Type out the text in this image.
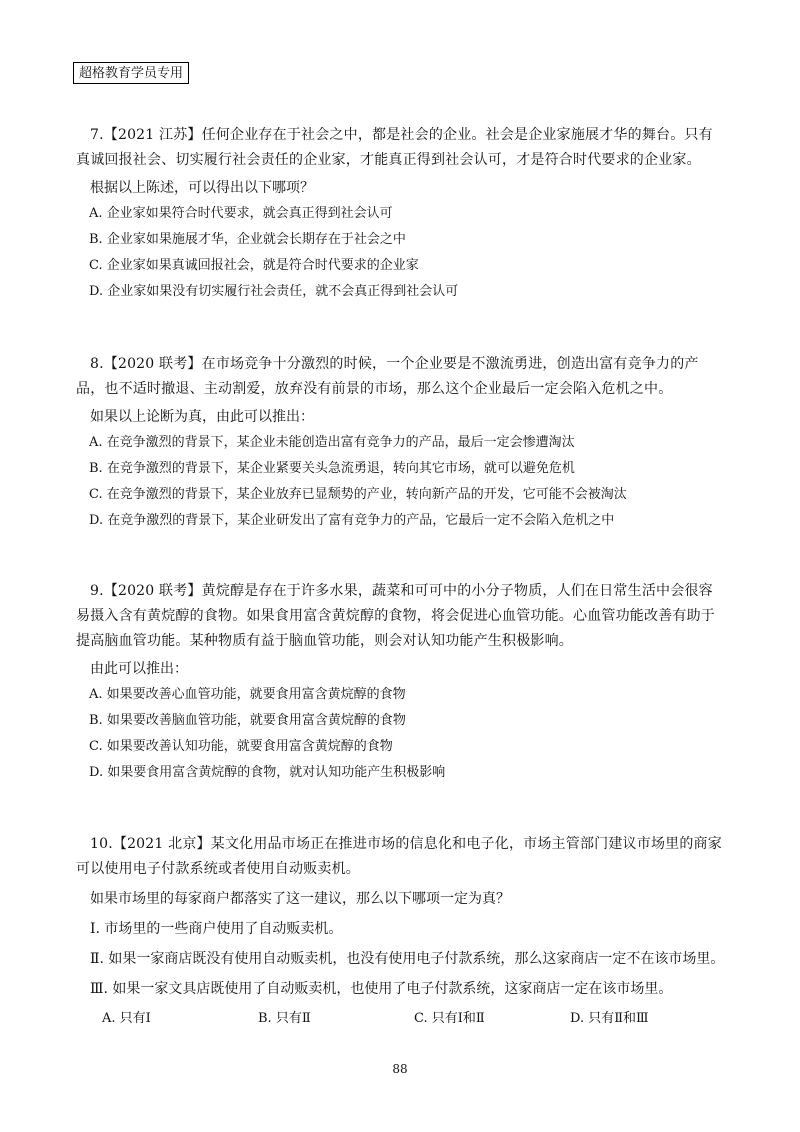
超格教育学员专用

7.【2021 江苏】任何企业存在于社会之中，都是社会的企业。社会是企业家施展才华的舞台。只有真诚回报社会、切实履行社会责任的企业家，才能真正得到社会认可，才是符合时代要求的企业家。

根据以上陈述，可以得出以下哪项？

A. 企业家如果符合时代要求，就会真正得到社会认可

B. 企业家如果施展才华，企业就会长期存在于社会之中

C. 企业家如果真诚回报社会，就是符合时代要求的企业家

D. 企业家如果没有切实履行社会责任，就不会真正得到社会认可

8.【2020 联考】在市场竞争十分激烈的时候，一个企业要是不激流勇进，创造出富有竞争力的产品，也不适时撤退、主动割爱，放弃没有前景的市场，那么这个企业最后一定会陷入危机之中。

如果以上论断为真，由此可以推出：

A. 在竞争激烈的背景下，某企业未能创造出富有竞争力的产品，最后一定会惨遭淘汰

B. 在竞争激烈的背景下，某企业紧要关头急流勇退，转向其它市场，就可以避免危机

C. 在竞争激烈的背景下，某企业放弃已显颓势的产业，转向新产品的开发，它可能不会被淘汰

D. 在竞争激烈的背景下，某企业研发出了富有竞争力的产品，它最后一定不会陷入危机之中

9.【2020 联考】黄烷醇是存在于许多水果，蔬菜和可可中的小分子物质，人们在日常生活中会很容易摄入含有黄烷醇的食物。如果食用富含黄烷醇的食物，将会促进心血管功能。心血管功能改善有助于提高脑血管功能。某种物质有益于脑血管功能，则会对认知功能产生积极影响。

由此可以推出：

A. 如果要改善心血管功能，就要食用富含黄烷醇的食物

B. 如果要改善脑血管功能，就要食用富含黄烷醇的食物

C. 如果要改善认知功能，就要食用富含黄烷醇的食物

D. 如果要食用富含黄烷醇的食物，就对认知功能产生积极影响

10.【2021 北京】某文化用品市场正在推进市场的信息化和电子化，市场主管部门建议市场里的商家可以使用电子付款系统或者使用自动贩卖机。

如果市场里的每家商户都落实了这一建议，那么以下哪项一定为真？

Ⅰ. 市场里的一些商户使用了自动贩卖机。

Ⅱ. 如果一家商店既没有使用自动贩卖机，也没有使用电子付款系统，那么这家商店一定不在该市场里。

Ⅲ. 如果一家文具店既使用了自动贩卖机，也使用了电子付款系统，这家商店一定在该市场里。

A. 只有Ⅰ	B. 只有Ⅱ	C. 只有Ⅰ和Ⅱ	D. 只有Ⅱ和Ⅲ
88
